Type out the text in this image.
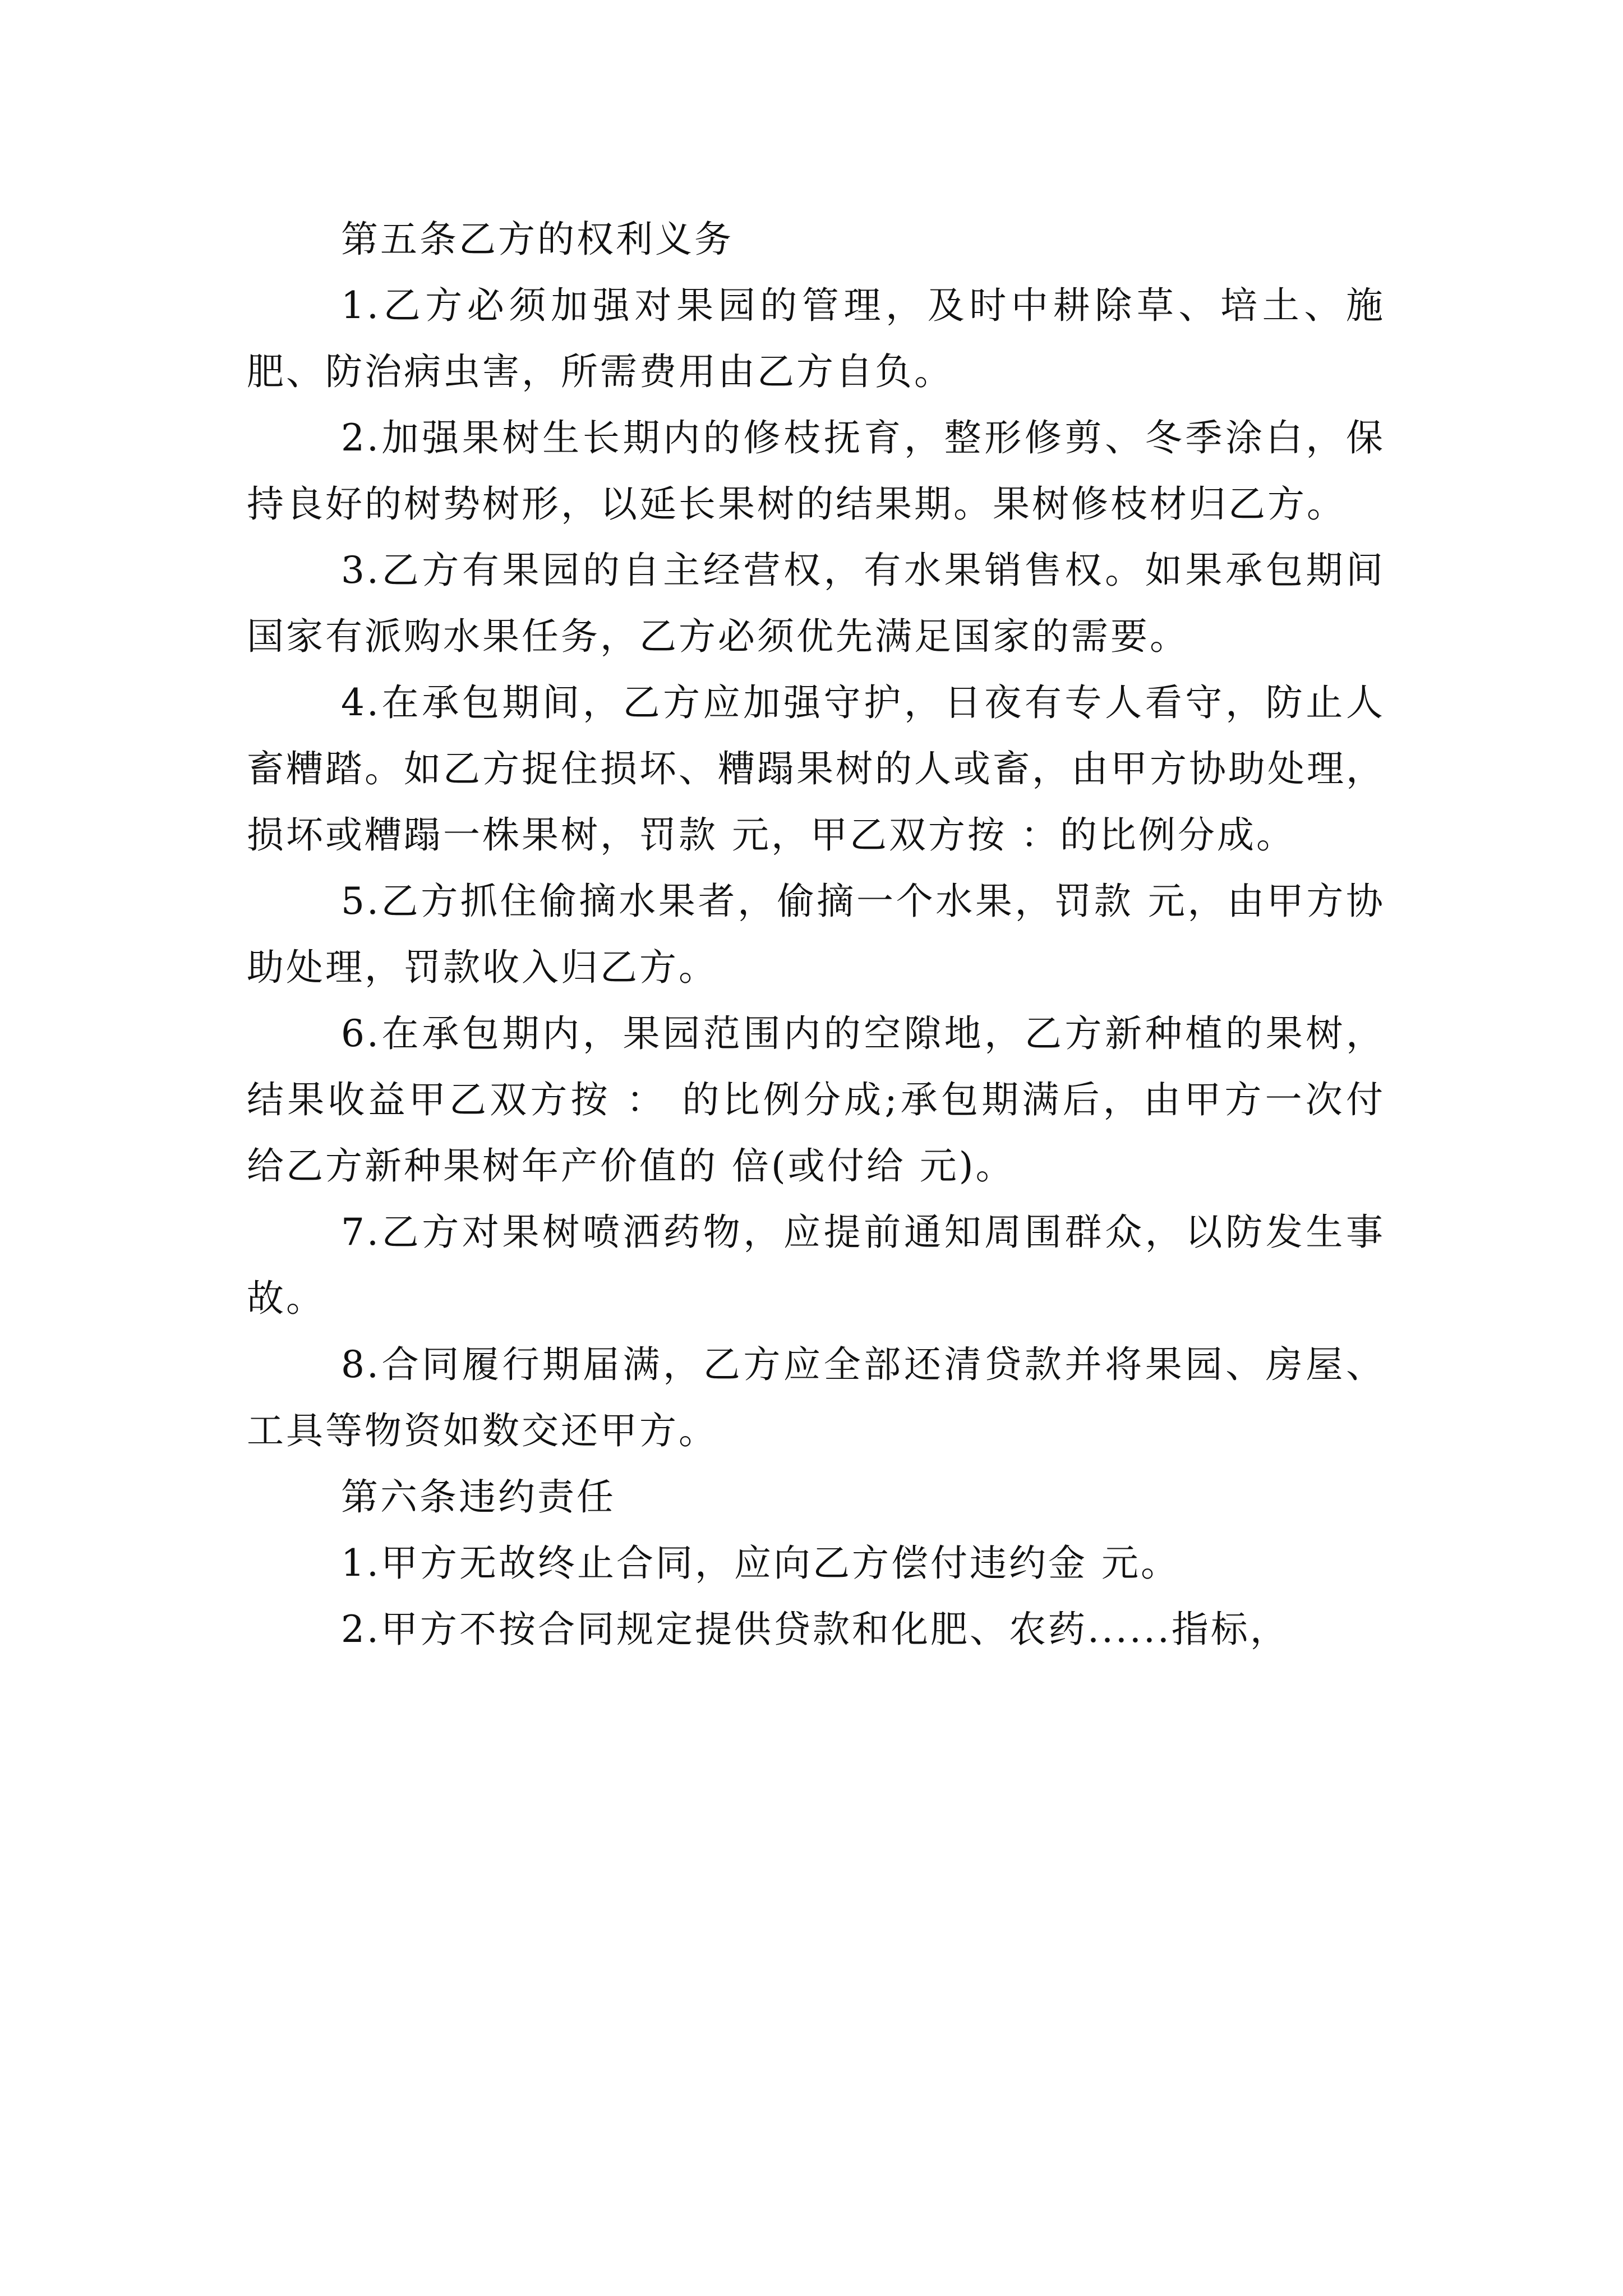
第五条乙方的权利义务

1.乙方必须加强对果园的管理，及时中耕除草、培土、施肥、防治病虫害，所需费用由乙方自负。

2.加强果树生长期内的修枝抚育，整形修剪、冬季涂白，保持良好的树势树形，以延长果树的结果期。果树修枝材归乙方。

3.乙方有果园的自主经营权，有水果销售权。如果承包期间国家有派购水果任务，乙方必须优先满足国家的需要。

4.在承包期间，乙方应加强守护，日夜有专人看守，防止人畜糟踏。如乙方捉住损坏、糟蹋果树的人或畜，由甲方协助处理，损坏或糟蹋一株果树，罚款 元，甲乙双方按 ：的比例分成。

5.乙方抓住偷摘水果者，偷摘一个水果，罚款 元，由甲方协助处理，罚款收入归乙方。

6.在承包期内，果园范围内的空隙地，乙方新种植的果树，结果收益甲乙双方按 ： 的比例分成;承包期满后，由甲方一次付给乙方新种果树年产价值的 倍(或付给 元)。

7.乙方对果树喷洒药物，应提前通知周围群众，以防发生事故。

8.合同履行期届满，乙方应全部还清贷款并将果园、房屋、工具等物资如数交还甲方。

第六条违约责任

1.甲方无故终止合同，应向乙方偿付违约金 元。

2.甲方不按合同规定提供贷款和化肥、农药......指标，
